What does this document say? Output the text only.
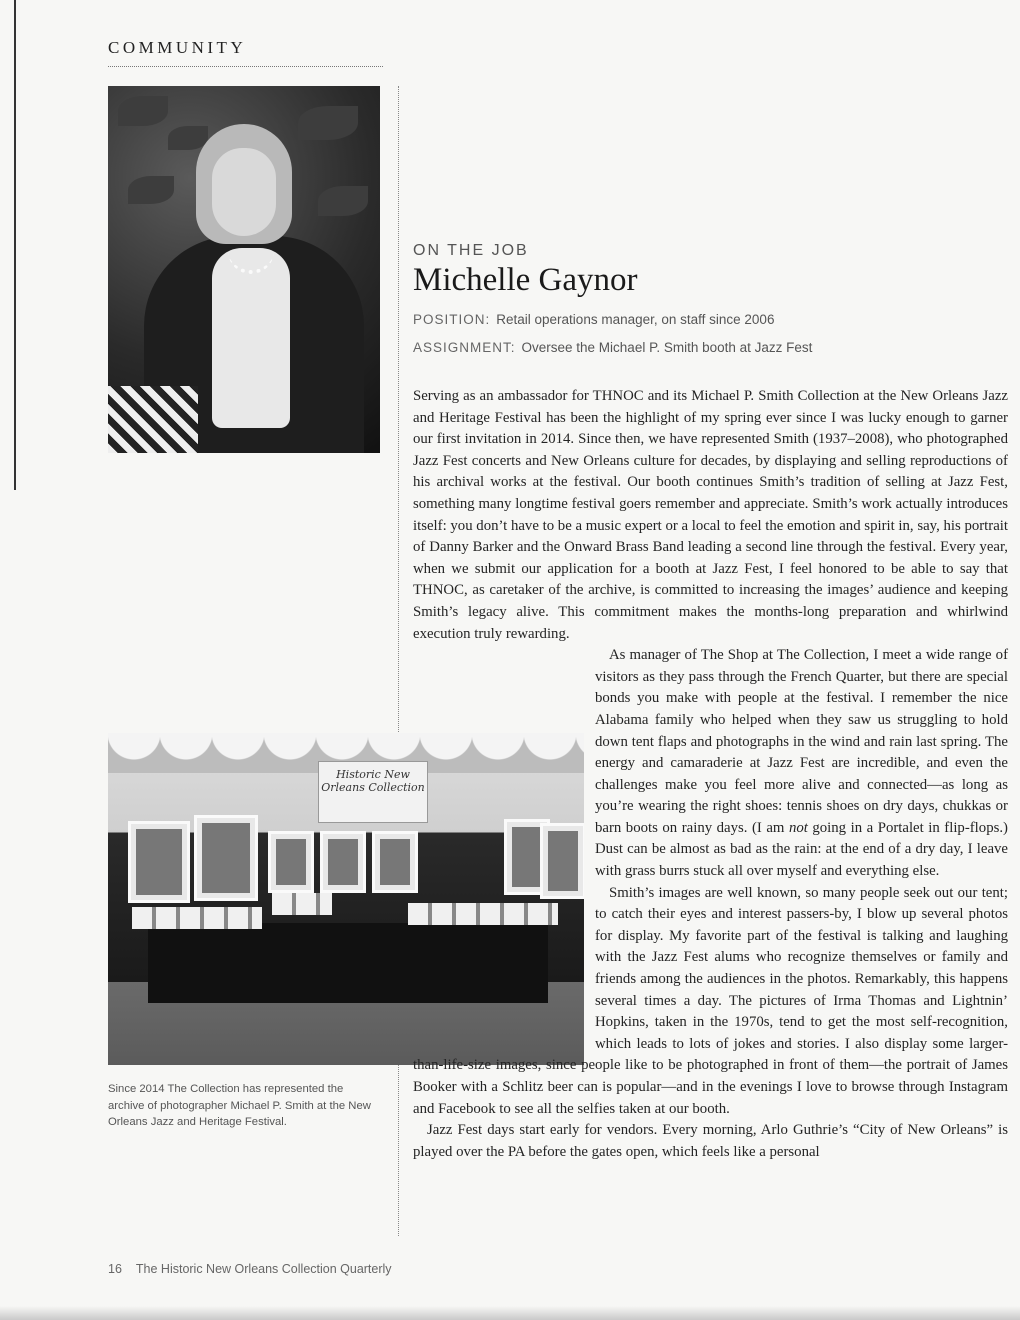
COMMUNITY
Historic New Orleans Collection
Since 2014 The Collection has represented the archive of photographer Michael P. Smith at the New Orleans Jazz and Heritage Festival.
ON THE JOB
Michelle Gaynor
POSITION: Retail operations manager, on staff since 2006
ASSIGNMENT: Oversee the Michael P. Smith booth at Jazz Fest

Serving as an ambassador for THNOC and its Michael P. Smith Collection at the New Orleans Jazz and Heritage Festival has been the highlight of my spring ever since I was lucky enough to garner our first invitation in 2014. Since then, we have represented Smith (1937–2008), who photographed Jazz Fest concerts and New Orleans culture for decades, by displaying and selling reproductions of his archival works at the festival. Our booth continues Smith’s tradition of selling at Jazz Fest, something many longtime festival goers remember and appreciate. Smith’s work actually introduces itself: you don’t have to be a music expert or a local to feel the emotion and spirit in, say, his portrait of Danny Barker and the Onward Brass Band leading a second line through the festival. Every year, when we submit our application for a booth at Jazz Fest, I feel honored to be able to say that THNOC, as caretaker of the archive, is committed to increasing the images’ audience and keeping Smith’s legacy alive. This commitment makes the months-long preparation and whirlwind execution truly rewarding.

As manager of The Shop at The Collection, I meet a wide range of visitors as they pass through the French Quarter, but there are special bonds you make with people at the festival. I remember the nice Alabama family who helped when they saw us struggling to hold down tent flaps and photographs in the wind and rain last spring. The energy and camaraderie at Jazz Fest are incredible, and even the challenges make you feel more alive and connected—as long as you’re wearing the right shoes: tennis shoes on dry days, chukkas or barn boots on rainy days. (I am not going in a Portalet in flip-flops.) Dust can be almost as bad as the rain: at the end of a dry day, I leave with grass burrs stuck all over myself and everything else.

Smith’s images are well known, so many people seek out our tent; to catch their eyes and interest passers-by, I blow up several photos for display. My favorite part of the festival is talking and laughing with the Jazz Fest alums who recognize themselves or family and friends among the audiences in the photos. Remarkably, this happens several times a day. The pictures of Irma Thomas and Lightnin’ Hopkins, taken in the 1970s, tend to get the most self-recognition, which leads to lots of jokes and stories. I also display some larger-than-life-size images, since people like to be photographed in front of them—the portrait of James Booker with a Schlitz beer can is popular—and in the evenings I love to browse through Instagram and Facebook to see all the selfies taken at our booth.

Jazz Fest days start early for vendors. Every morning, Arlo Guthrie’s “City of New Orleans” is played over the PA before the gates open, which feels like a personal

16 The Historic New Orleans Collection Quarterly
